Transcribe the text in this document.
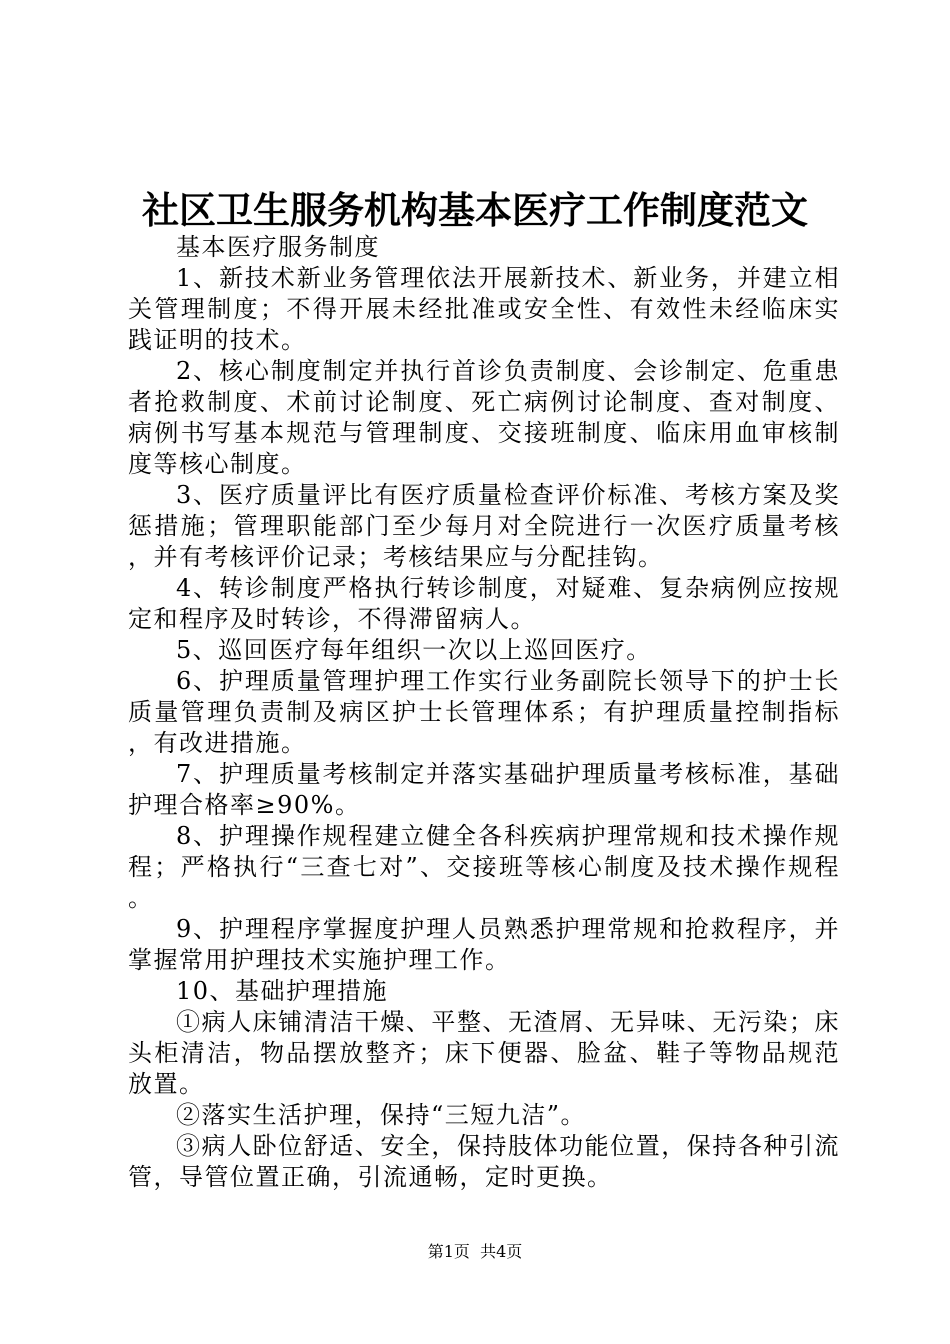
社区卫生服务机构基本医疗工作制度范文

基本医疗服务制度

1、新技术新业务管理依法开展新技术、新业务，并建立相关管理制度；不得开展未经批准或安全性、有效性未经临床实践证明的技术。

2、核心制度制定并执行首诊负责制度、会诊制定、危重患者抢救制度、术前讨论制度、死亡病例讨论制度、查对制度、病例书写基本规范与管理制度、交接班制度、临床用血审核制度等核心制度。

3、医疗质量评比有医疗质量检查评价标准、考核方案及奖惩措施；管理职能部门至少每月对全院进行一次医疗质量考核，并有考核评价记录；考核结果应与分配挂钩。

4、转诊制度严格执行转诊制度，对疑难、复杂病例应按规定和程序及时转诊，不得滞留病人。

5、巡回医疗每年组织一次以上巡回医疗。

6、护理质量管理护理工作实行业务副院长领导下的护士长质量管理负责制及病区护士长管理体系；有护理质量控制指标，有改进措施。

7、护理质量考核制定并落实基础护理质量考核标准，基础护理合格率≥90%。

8、护理操作规程建立健全各科疾病护理常规和技术操作规程；严格执行“三查七对”、交接班等核心制度及技术操作规程。

9、护理程序掌握度护理人员熟悉护理常规和抢救程序，并掌握常用护理技术实施护理工作。

10、基础护理措施

①病人床铺清洁干燥、平整、无渣屑、无异味、无污染；床头柜清洁，物品摆放整齐；床下便器、脸盆、鞋子等物品规范放置。

②落实生活护理，保持“三短九洁”。

③病人卧位舒适、安全，保持肢体功能位置，保持各种引流管，导管位置正确，引流通畅，定时更换。

第1页  共4页
